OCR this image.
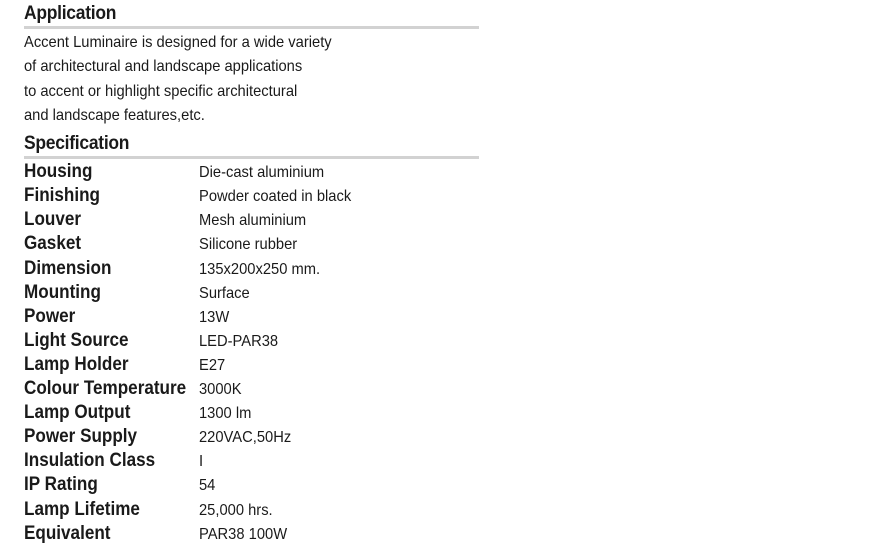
Application
Accent Luminaire is designed for a wide variety
of architectural and landscape applications
to accent or highlight specific architectural
and landscape features,etc.
Specification
Housing	Die-cast aluminium
Finishing	Powder coated in black
Louver	Mesh aluminium
Gasket	Silicone rubber
Dimension	135x200x250 mm.
Mounting	Surface
Power	13W
Light Source	LED-PAR38
Lamp Holder	E27
Colour Temperature 3000K
Lamp Output	1300 lm
Power Supply	220VAC,50Hz
Insulation Class	I
IP Rating	54
Lamp Lifetime	25,000 hrs.
Equivalent	PAR38 100W
